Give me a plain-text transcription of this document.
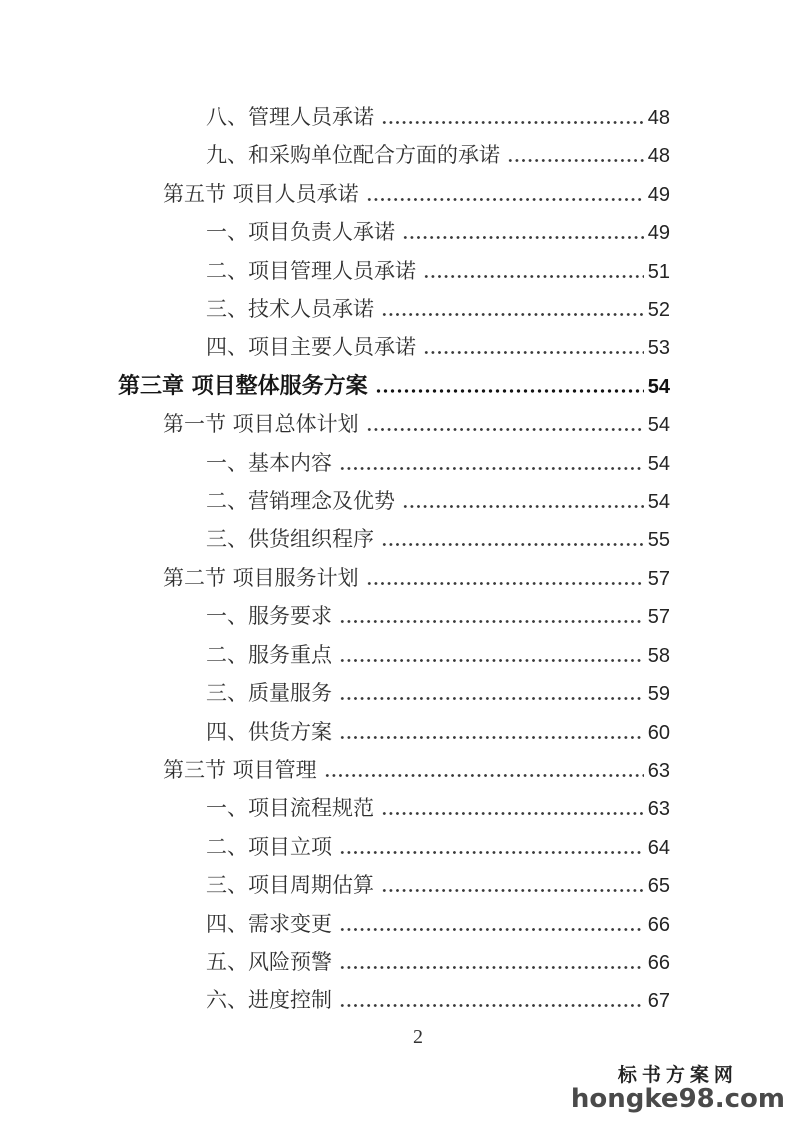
八、管理人员承诺	48
九、和采购单位配合方面的承诺	48
第五节 项目人员承诺	49
一、项目负责人承诺	49
二、项目管理人员承诺	51
三、技术人员承诺	52
四、项目主要人员承诺	53
第三章 项目整体服务方案	54
第一节 项目总体计划	54
一、基本内容	54
二、营销理念及优势	54
三、供货组织程序	55
第二节 项目服务计划	57
一、服务要求	57
二、服务重点	58
三、质量服务	59
四、供货方案	60
第三节 项目管理	63
一、项目流程规范	63
二、项目立项	64
三、项目周期估算	65
四、需求变更	66
五、风险预警	66
六、进度控制	67
2
标书方案网
hongke98.com
